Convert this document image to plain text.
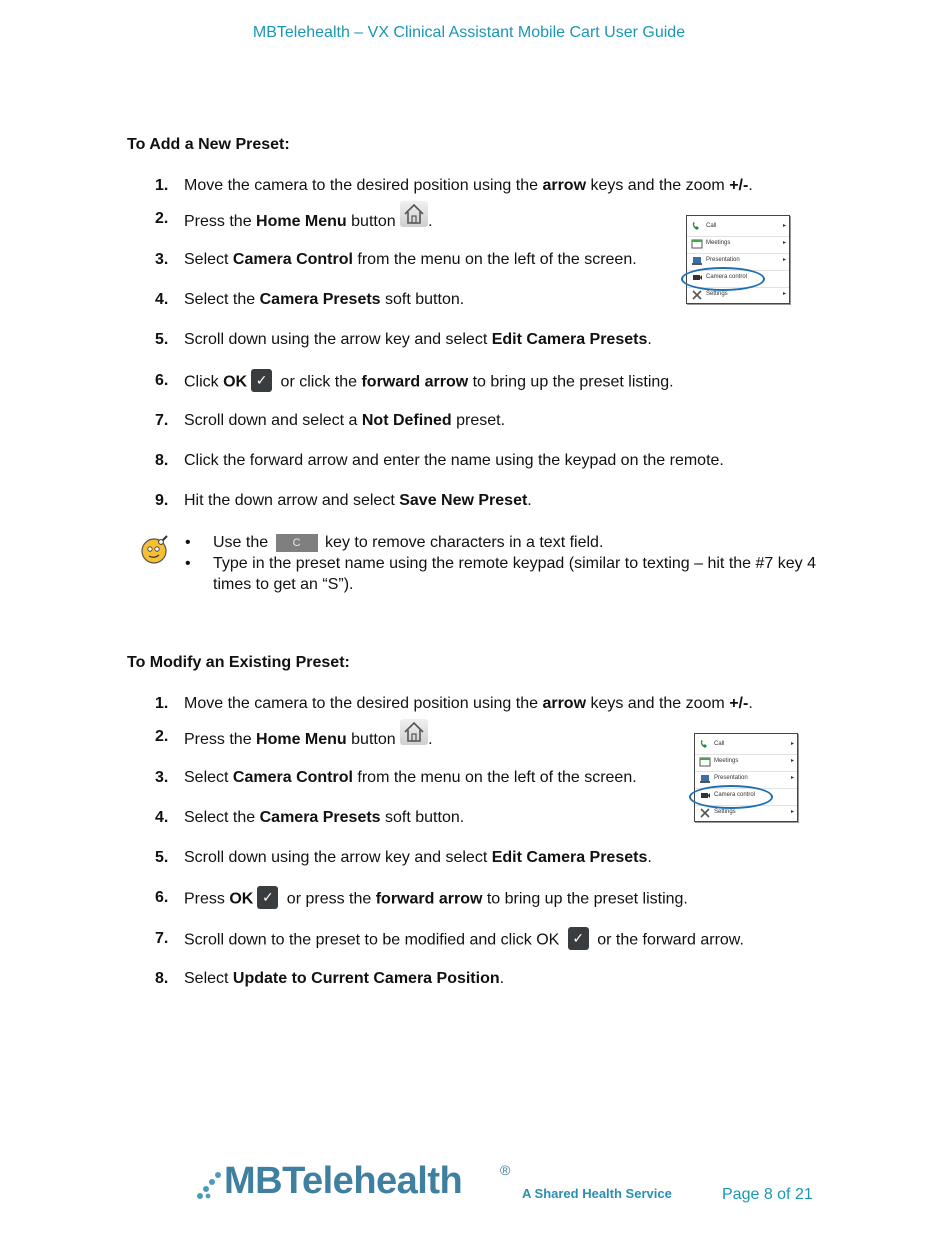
MBTelehealth – VX Clinical Assistant Mobile Cart User Guide
To Add a New Preset:
1. Move the camera to the desired position using the arrow keys and the zoom +/-.
2. Press the Home Menu button .
3. Select Camera Control from the menu on the left of the screen.
4. Select the Camera Presets soft button.
5. Scroll down using the arrow key and select Edit Camera Presets.
6. Click OK ✓ or click the forward arrow to bring up the preset listing.
7. Scroll down and select a Not Defined preset.
8. Click the forward arrow and enter the name using the keypad on the remote.
9. Hit the down arrow and select Save New Preset.
Call	▸
Meetings	▸
Presentation	▸
Camera control
Settings	▸
• Use the C key to remove characters in a text field.
• Type in the preset name using the remote keypad (similar to texting – hit the #7 key 4 times to get an “S”).
To Modify an Existing Preset:
1. Move the camera to the desired position using the arrow keys and the zoom +/-.
2. Press the Home Menu button .
3. Select Camera Control from the menu on the left of the screen.
4. Select the Camera Presets soft button.
5. Scroll down using the arrow key and select Edit Camera Presets.
6. Press OK ✓ or press the forward arrow to bring up the preset listing.
7. Scroll down to the preset to be modified and click OK ✓ or the forward arrow.
8. Select Update to Current Camera Position.
Call	▸
Meetings	▸
Presentation	▸
Camera control
Settings	▸
MBTelehealth	®
A Shared Health Service	Page 8 of 21
